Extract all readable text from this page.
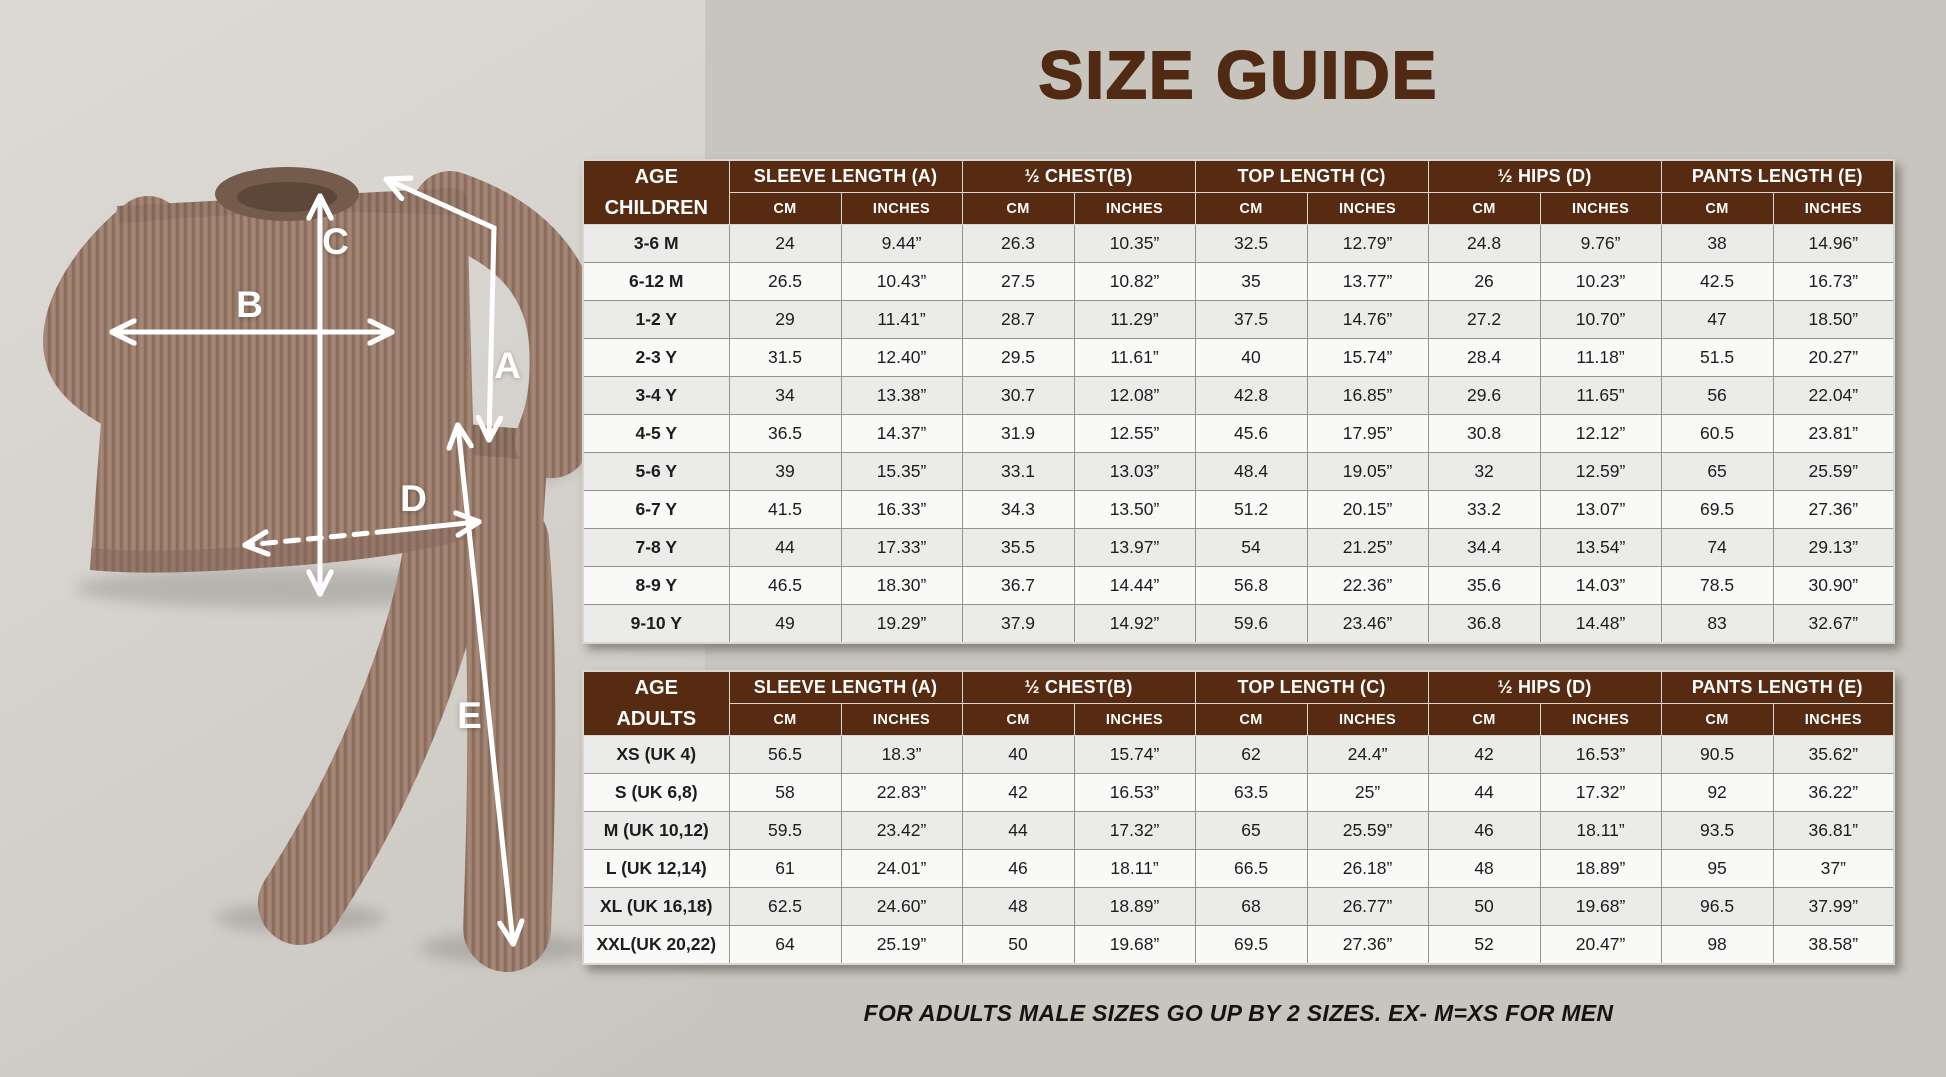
A
B
C
D
E
SIZE GUIDE
AGE
CHILDREN	SLEEVE LENGTH (A)		½ CHEST(B)		TOP LENGTH (C)		½ HIPS (D)		PANTS LENGTH (E)	
	CM	INCHES	CM	INCHES	CM	INCHES	CM	INCHES	CM	INCHES
3-6 M	24	9.44”	26.3	10.35”	32.5	12.79”	24.8	9.76”	38	14.96”
6-12 M	26.5	10.43”	27.5	10.82”	35	13.77”	26	10.23”	42.5	16.73”
1-2 Y	29	11.41”	28.7	11.29”	37.5	14.76”	27.2	10.70”	47	18.50”
2-3 Y	31.5	12.40”	29.5	11.61”	40	15.74”	28.4	11.18”	51.5	20.27”
3-4 Y	34	13.38”	30.7	12.08”	42.8	16.85”	29.6	11.65”	56	22.04”
4-5 Y	36.5	14.37”	31.9	12.55”	45.6	17.95”	30.8	12.12”	60.5	23.81”
5-6 Y	39	15.35”	33.1	13.03”	48.4	19.05”	32	12.59”	65	25.59”
6-7 Y	41.5	16.33”	34.3	13.50”	51.2	20.15”	33.2	13.07”	69.5	27.36”
7-8 Y	44	17.33”	35.5	13.97”	54	21.25”	34.4	13.54”	74	29.13”
8-9 Y	46.5	18.30”	36.7	14.44”	56.8	22.36”	35.6	14.03”	78.5	30.90”
9-10 Y	49	19.29”	37.9	14.92”	59.6	23.46”	36.8	14.48”	83	32.67”
AGE
ADULTS	SLEEVE LENGTH (A)		½ CHEST(B)		TOP LENGTH (C)		½ HIPS (D)		PANTS LENGTH (E)	
	CM	INCHES	CM	INCHES	CM	INCHES	CM	INCHES	CM	INCHES
XS (UK 4)	56.5	18.3”	40	15.74”	62	24.4”	42	16.53”	90.5	35.62”
S (UK 6,8)	58	22.83”	42	16.53”	63.5	25”	44	17.32”	92	36.22”
M (UK 10,12)	59.5	23.42”	44	17.32”	65	25.59”	46	18.11”	93.5	36.81”
L (UK 12,14)	61	24.01”	46	18.11”	66.5	26.18”	48	18.89”	95	37”
XL (UK 16,18)	62.5	24.60”	48	18.89”	68	26.77”	50	19.68”	96.5	37.99”
XXL(UK 20,22)	64	25.19”	50	19.68”	69.5	27.36”	52	20.47”	98	38.58”

FOR ADULTS MALE SIZES GO UP BY 2 SIZES. EX- M=XS FOR MEN
